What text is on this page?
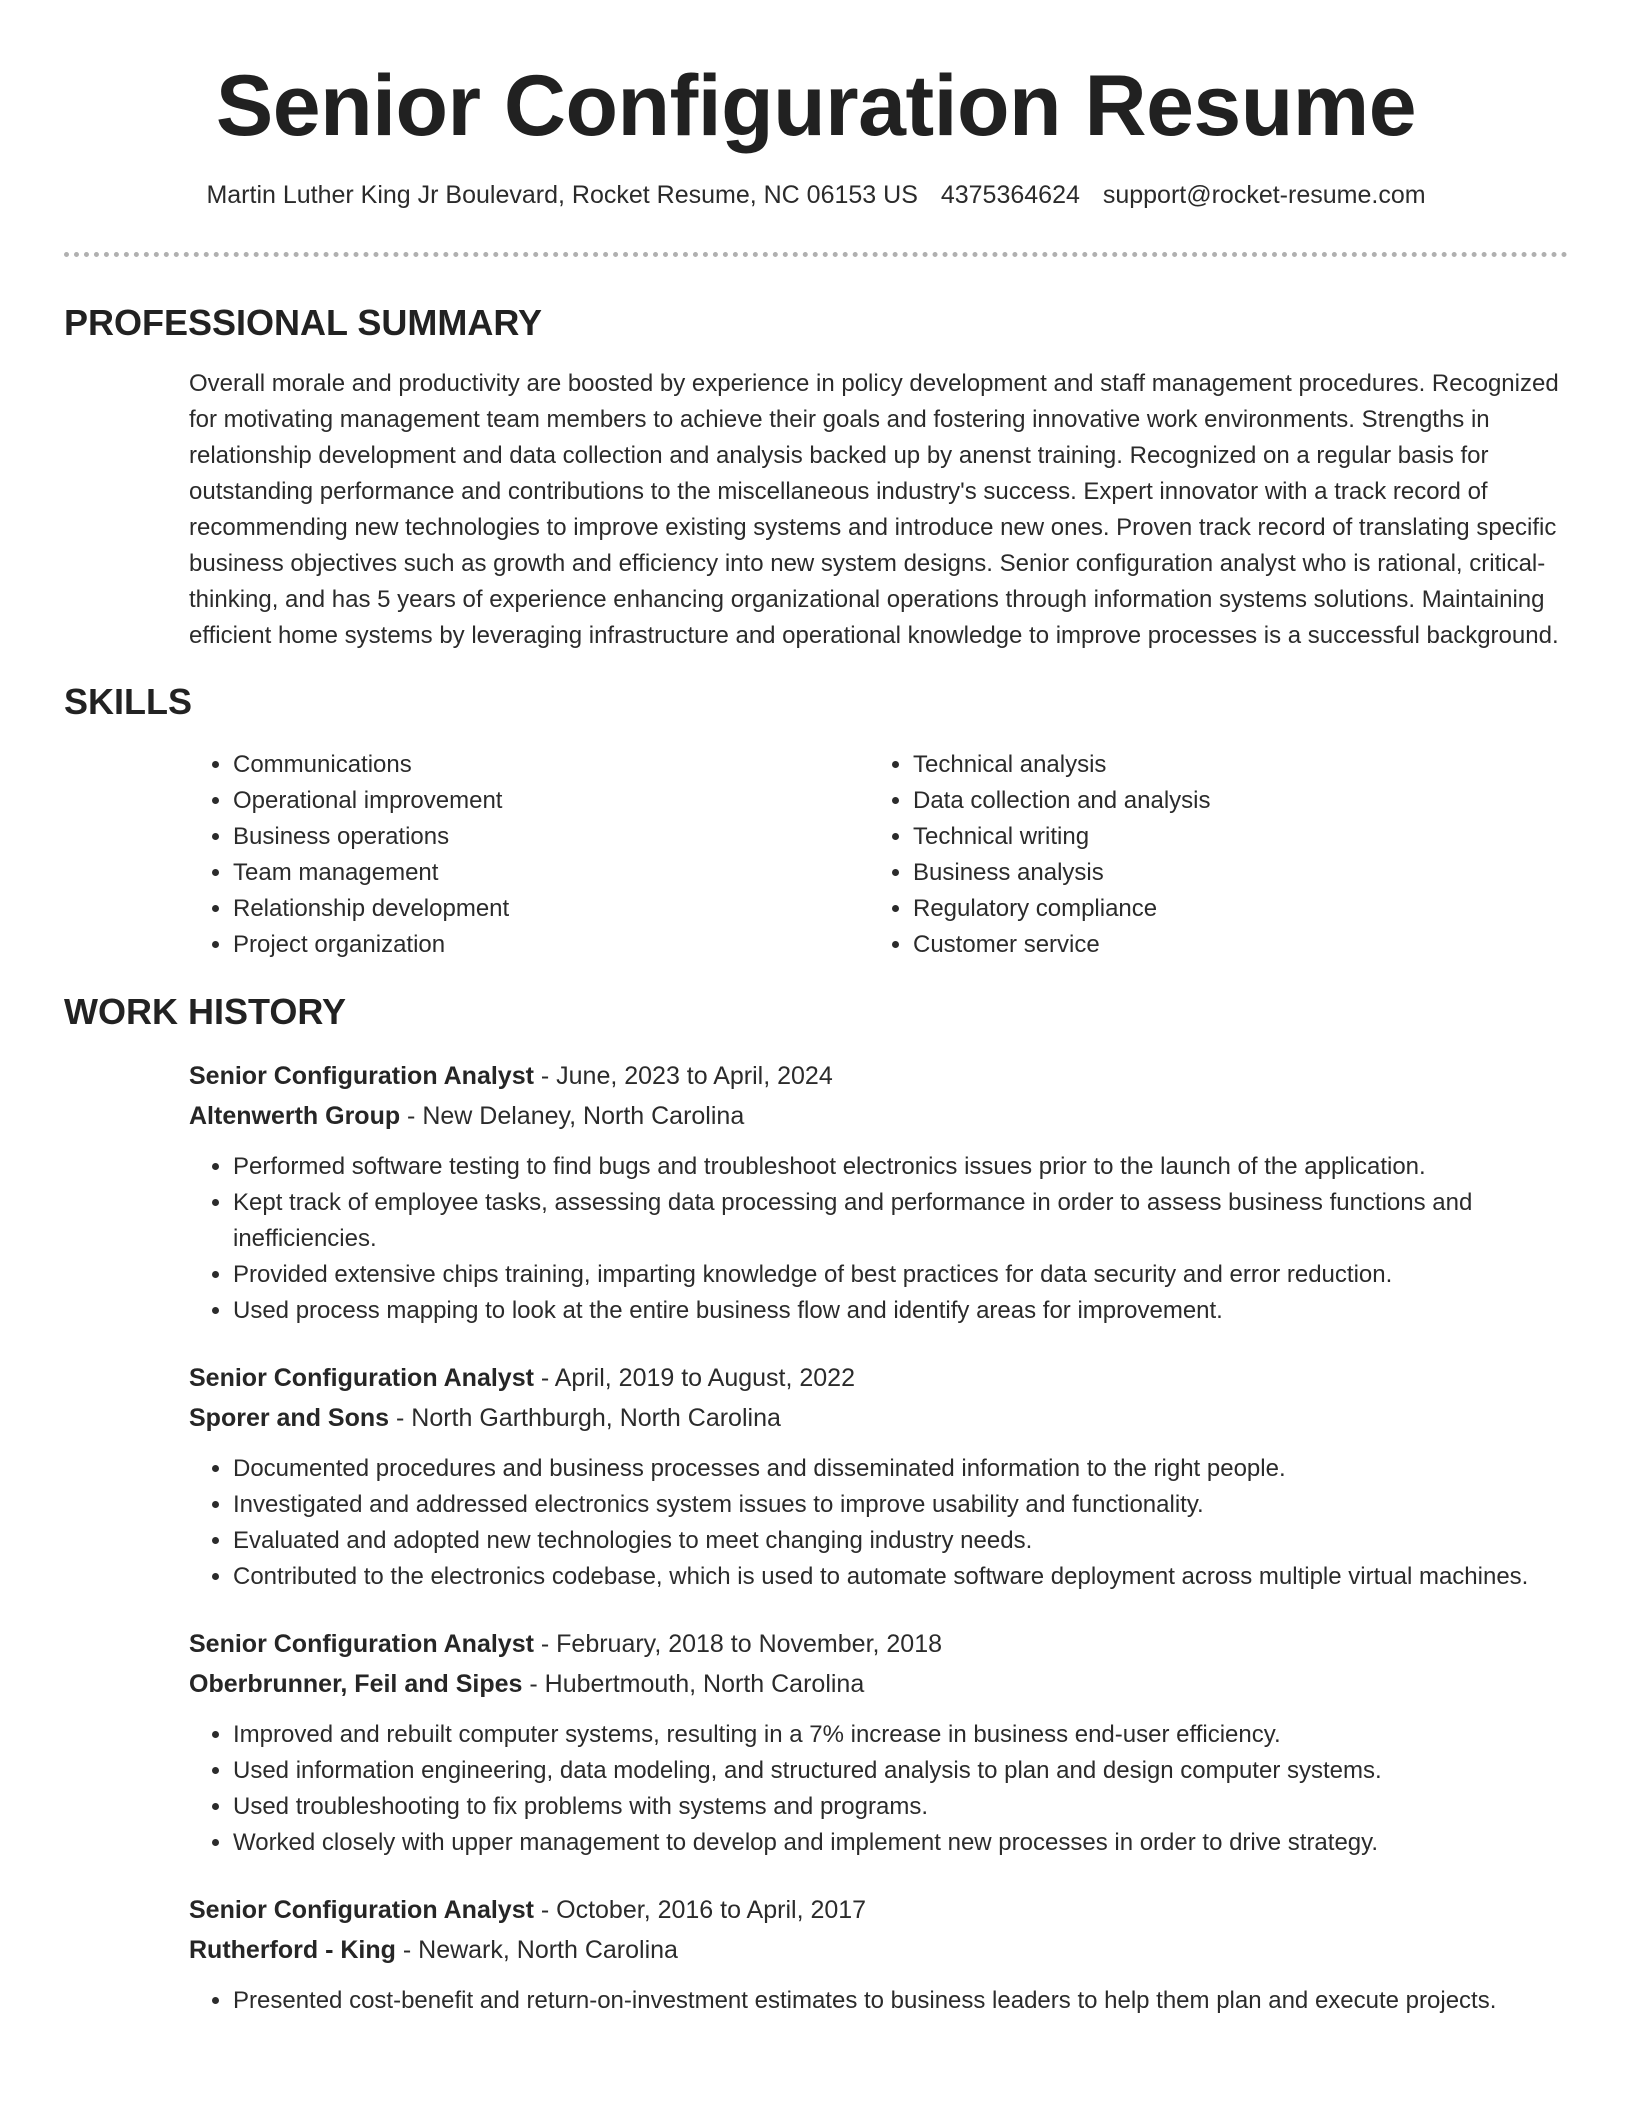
Senior Configuration Resume
Martin Luther King Jr Boulevard, Rocket Resume, NC 06153 US 4375364624 support@rocket-resume.com
PROFESSIONAL SUMMARY
Overall morale and productivity are boosted by experience in policy development and staff management procedures. Recognized for motivating management team members to achieve their goals and fostering innovative work environments. Strengths in relationship development and data collection and analysis backed up by anenst training. Recognized on a regular basis for outstanding performance and contributions to the miscellaneous industry's success. Expert innovator with a track record of recommending new technologies to improve existing systems and introduce new ones. Proven track record of translating specific business objectives such as growth and efficiency into new system designs. Senior configuration analyst who is rational, critical-thinking, and has 5 years of experience enhancing organizational operations through information systems solutions. Maintaining efficient home systems by leveraging infrastructure and operational knowledge to improve processes is a successful background.
SKILLS
• Communications
• Operational improvement
• Business operations
• Team management
• Relationship development
• Project organization
• Technical analysis
• Data collection and analysis
• Technical writing
• Business analysis
• Regulatory compliance
• Customer service
WORK HISTORY
Senior Configuration Analyst - June, 2023 to April, 2024
Altenwerth Group - New Delaney, North Carolina
• Performed software testing to find bugs and troubleshoot electronics issues prior to the launch of the application.
• Kept track of employee tasks, assessing data processing and performance in order to assess business functions and inefficiencies.
• Provided extensive chips training, imparting knowledge of best practices for data security and error reduction.
• Used process mapping to look at the entire business flow and identify areas for improvement.
Senior Configuration Analyst - April, 2019 to August, 2022
Sporer and Sons - North Garthburgh, North Carolina
• Documented procedures and business processes and disseminated information to the right people.
• Investigated and addressed electronics system issues to improve usability and functionality.
• Evaluated and adopted new technologies to meet changing industry needs.
• Contributed to the electronics codebase, which is used to automate software deployment across multiple virtual machines.
Senior Configuration Analyst - February, 2018 to November, 2018
Oberbrunner, Feil and Sipes - Hubertmouth, North Carolina
• Improved and rebuilt computer systems, resulting in a 7% increase in business end-user efficiency.
• Used information engineering, data modeling, and structured analysis to plan and design computer systems.
• Used troubleshooting to fix problems with systems and programs.
• Worked closely with upper management to develop and implement new processes in order to drive strategy.
Senior Configuration Analyst - October, 2016 to April, 2017
Rutherford - King - Newark, North Carolina
• Presented cost-benefit and return-on-investment estimates to business leaders to help them plan and execute projects.
